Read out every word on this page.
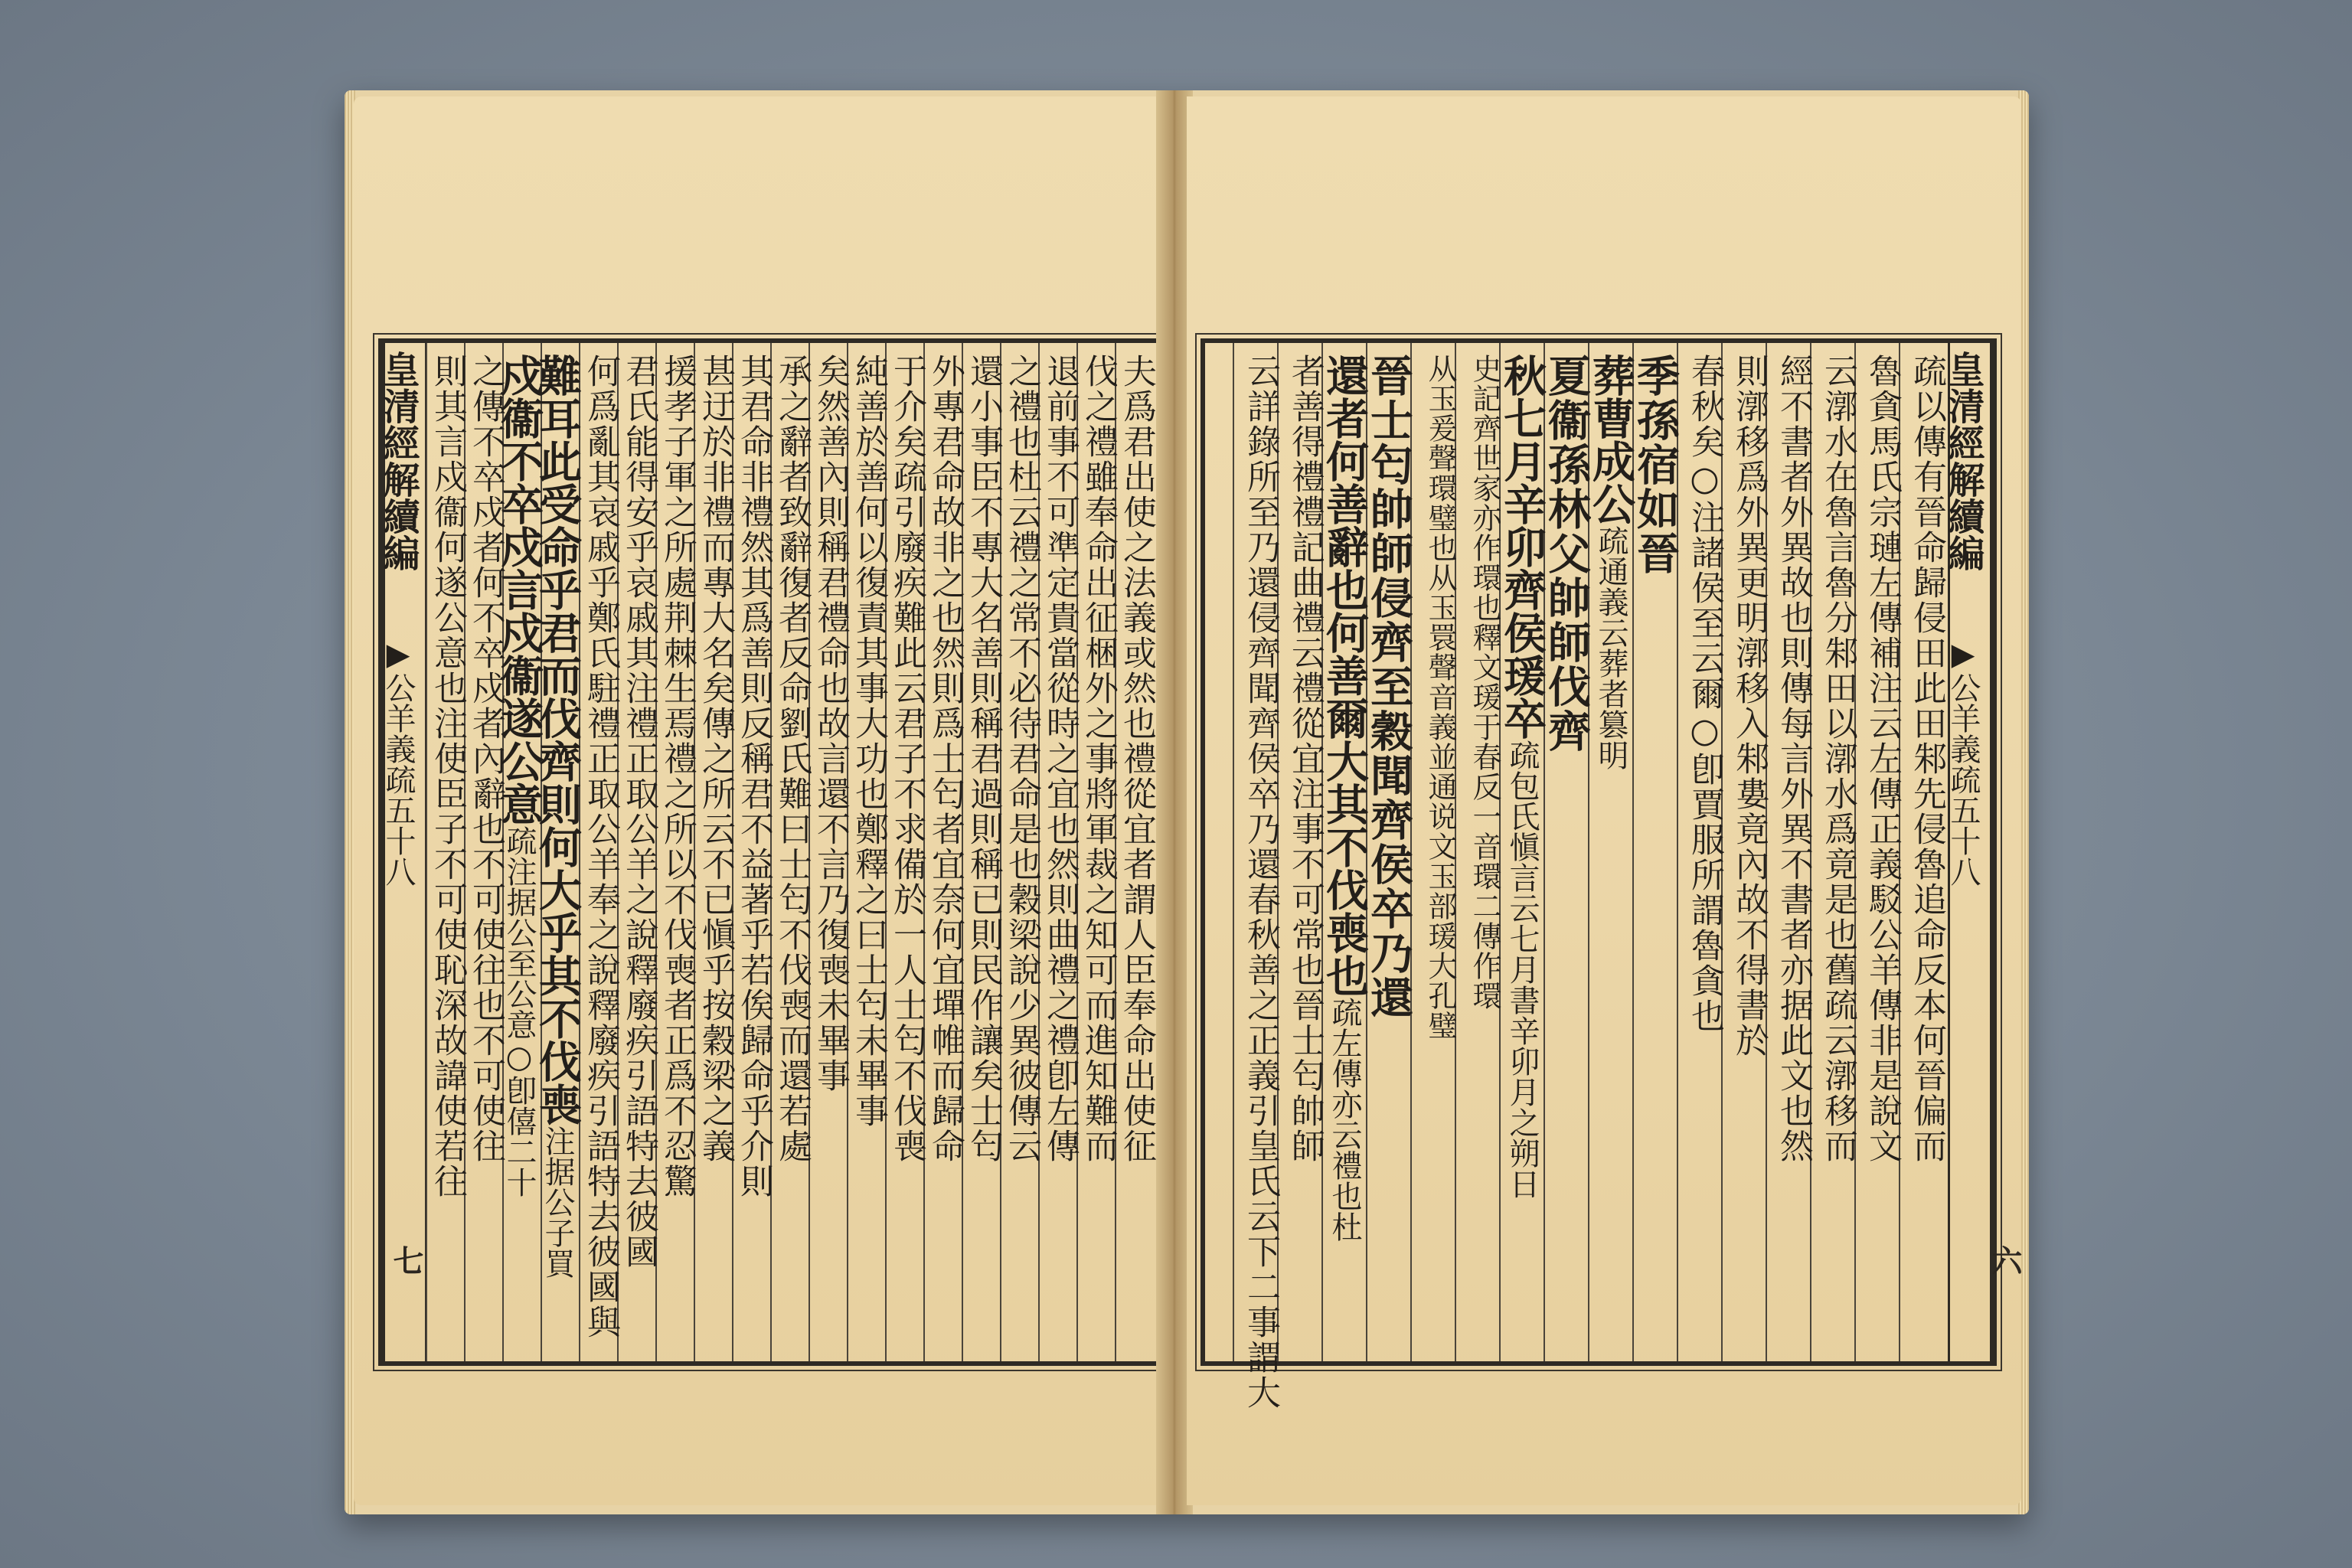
皇清經解續編 ▶公羊義疏五十八	夫爲君出使之法義或然也禮從宜者謂人臣奉命出使征
伐之禮雖奉命出征梱外之事將軍裁之知可而進知難而
退前事不可準定貴當從時之宜也然則曲禮之禮卽左傳
之禮也杜云禮之常不必待君命是也穀梁說少異彼傳云
還小事臣不專大名善則稱君過則稱已則民作讓矣士匄
外專君命故非之也然則爲士匄者宜奈何宜墠帷而歸命
于介矣疏引廢疾難此云君子不求備於一人士匄不伐喪
純善於善何以復責其事大功也鄭釋之曰士匄未畢事
矣然善內則稱君禮命也故言還不言乃復喪未畢事
承之辭者致辭復者反命劉氏難曰士匄不伐喪而還若處
其君命非禮然其爲善則反稱君不益著乎若俟歸命乎介則
甚迂於非禮而專大名矣傳之所云不已愼乎按穀梁之義
援孝子軍之所處荆棘生焉禮之所以不伐喪者正爲不忍驚
君氏能得安乎哀戚其注禮正取公羊之說釋廢疾引語特去彼國
何爲亂其哀戚乎鄭氏駐禮正取公羊奉之說釋廢疾引語特去彼國與
難耳此受命乎君而伐齊則何大乎其不伐喪注据公子買
戍衞不卒戍言戍衞遂公意疏注据公至公意○卽僖二十
之傳不卒戍者何不卒戍者內辭也不可使往也不可使往
則其言戍衞何遂公意也注使臣子不可使恥深故諱使若往
七
皇清經解續編 ▶公羊義疏五十八
疏以傳有晉命歸侵田此田邾先侵魯追命反本何晉偏而
魯貪馬氏宗璉左傳補注云左傳正義駁公羊傳非是說文
云漷水在魯言魯分邾田以漷水爲竟是也舊疏云漷移而
經不書者外異故也則傳每言外異不書者亦据此文也然
則漷移爲外異更明漷移入邾婁竟內故不得書於
春秋矣○注諸侯至云爾○卽賈服所謂魯貪也
季孫宿如晉
葬曹成公疏通義云葬者篡明
夏衞孫林父帥師伐齊
秋七月辛卯齊侯瑗卒疏包氏愼言云七月書辛卯月之朔日
史記齊世家亦作環也釋文瑗于春反一音環二傳作環
从玉爰聲環璧也从玉睘聲音義並通说文玉部瑗大孔璧
晉士匄帥師侵齊至穀聞齊侯卒乃還
還者何善辭也何善爾大其不伐喪也疏左傳亦云禮也杜
者善得禮禮記曲禮云禮從宜注事不可常也晉士匄帥師
云詳錄所至乃還侵齊聞齊侯卒乃還春秋善之正義引皇氏云下二事謂大	六
